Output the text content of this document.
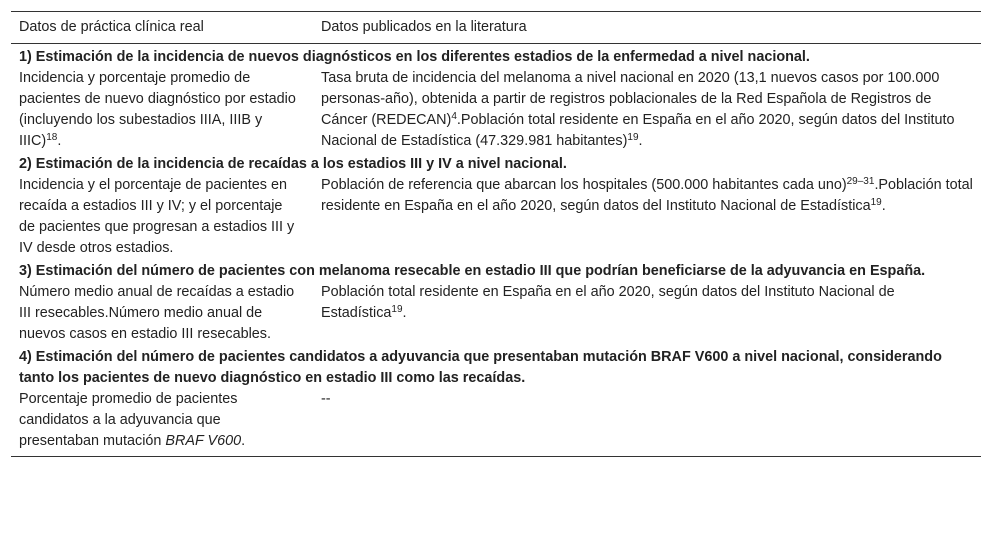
Datos de práctica clínica real	Datos publicados en la literatura
1) Estimación de la incidencia de nuevos diagnósticos en los diferentes estadios de la enfermedad a nivel nacional.	
Incidencia y porcentaje promedio de pacientes de nuevo diagnóstico por estadio (incluyendo los subestadios IIIA, IIIB y IIIC)$^{18}$.	Tasa bruta de incidencia del melanoma a nivel nacional en 2020 (13,1 nuevos casos por 100.000 personas-año), obtenida a partir de registros poblacionales de la Red Española de Registros de Cáncer (REDECAN)$^4$.Población total residente en España en el año 2020, según datos del Instituto Nacional de Estadística (47.329.981 habitantes)$^{19}$.
2) Estimación de la incidencia de recaídas a los estadios III y IV a nivel nacional.	
Incidencia y el porcentaje de pacientes en recaída a estadios III y IV; y el porcentaje de pacientes que progresan a estadios III y IV desde otros estadios.	Población de referencia que abarcan los hospitales (500.000 habitantes cada uno)$^{29-31}$.Población total residente en España en el año 2020, según datos del Instituto Nacional de Estadística$^{19}$.
3) Estimación del número de pacientes con melanoma resecable en estadio III que podrían beneficiarse de la adyuvancia en España.	
Número medio anual de recaídas a estadio III resecables.Número medio anual de nuevos casos en estadio III resecables.	Población total residente en España en el año 2020, según datos del Instituto Nacional de Estadística$^{19}$.
4) Estimación del número de pacientes candidatos a adyuvancia que presentaban mutación BRAF V600 a nivel nacional, considerando tanto los pacientes de nuevo diagnóstico en estadio III como las recaídas.	
Porcentaje promedio de pacientes candidatos a la adyuvancia que presentaban mutación BRAF V600.	--
